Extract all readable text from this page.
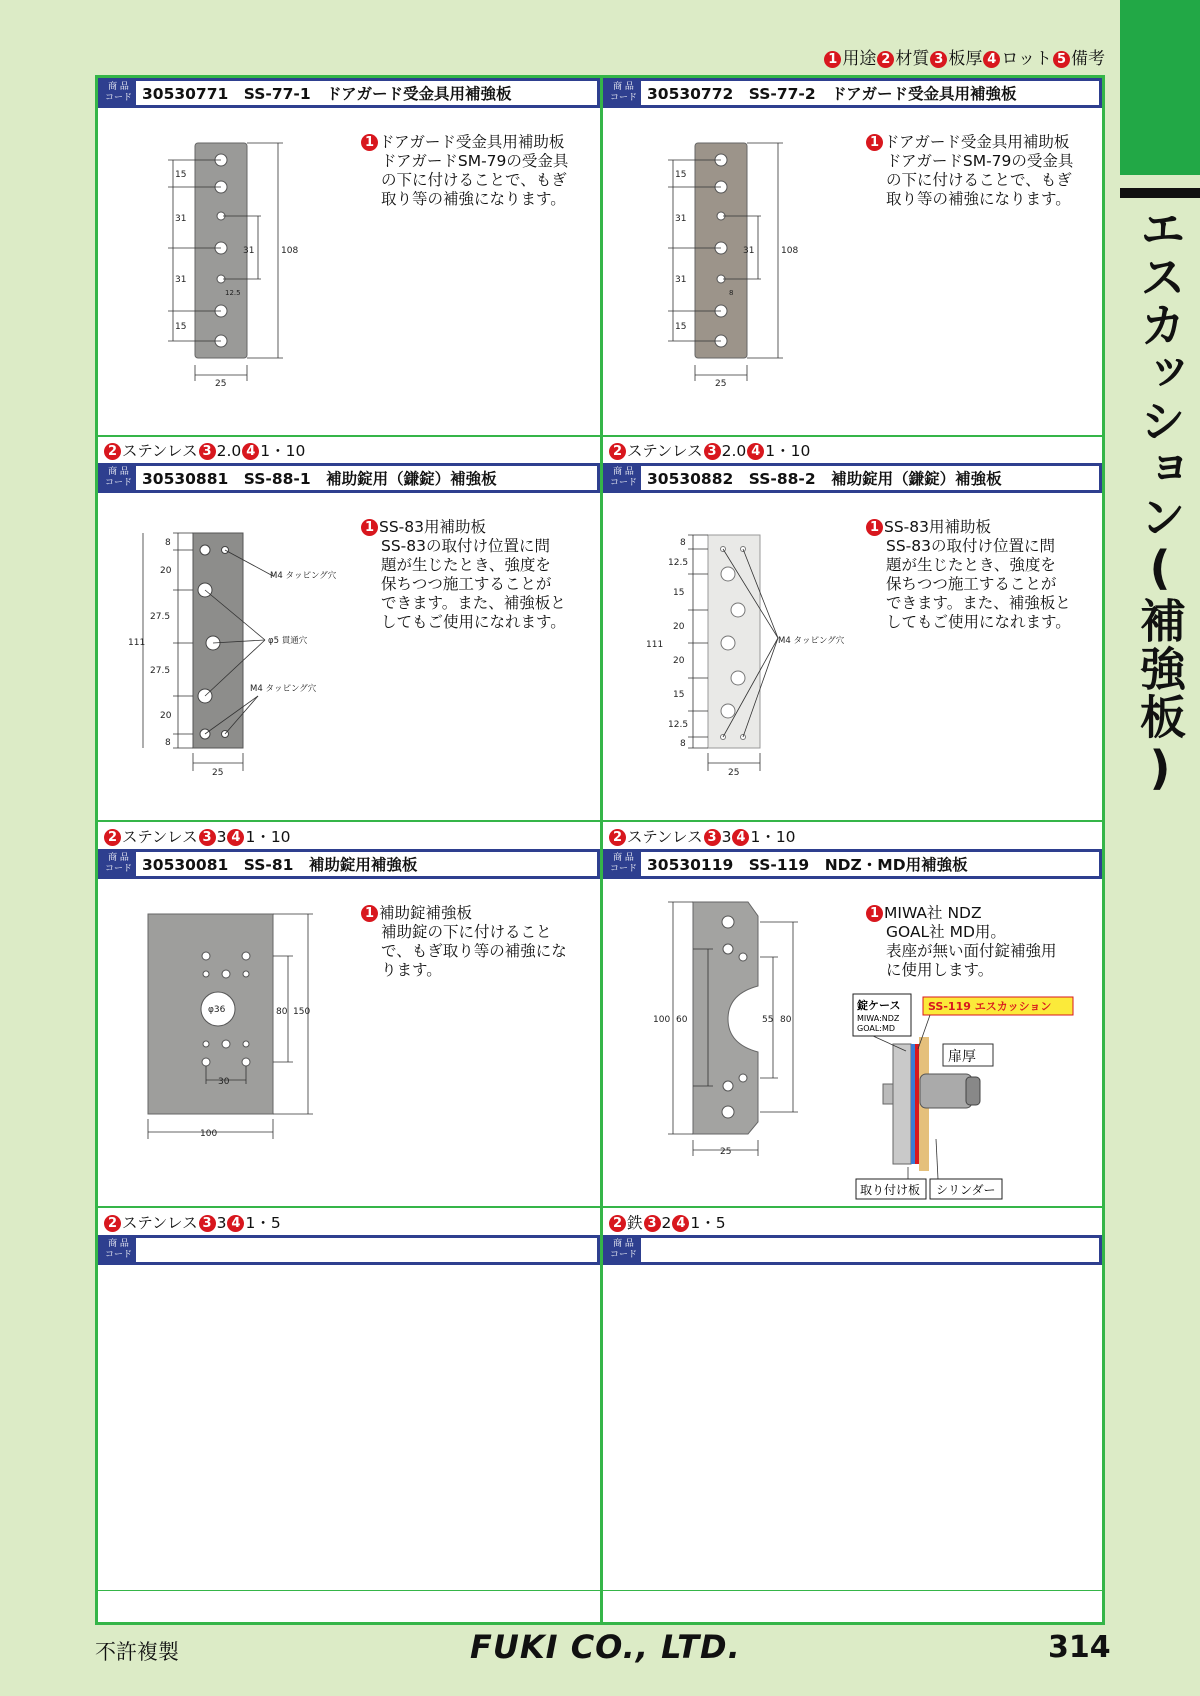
エスカッション(補強板)
1 用途 2 材質 3 板厚 4 ロット 5 備考
商 品
コード 30530771　SS-77-1　ドアガード受金具用補強板
15
31
31
15
108
31
12.5
25
1 ドアガード受金具用補助板
ドアガードSM-79の受金具
の下に付けることで、もぎ
取り等の補強になります。
2 ステンレス 3 2.0 4 1・10
商 品
コード 30530772　SS-77-2　ドアガード受金具用補強板
15
31
31
15
108
31
8
25
1 ドアガード受金具用補助板
ドアガードSM-79の受金具
の下に付けることで、もぎ
取り等の補強になります。
2 ステンレス 3 2.0 4 1・10
商 品
コード 30530881　SS-88-1　補助錠用（鎌錠）補強板
8
20
27.5
27.5
20
8
111
25
M4 タッピング穴
φ5 貫通穴
M4 タッピング穴
1 SS-83用補助板
SS-83の取付け位置に問
題が生じたとき、強度を
保ちつつ施工することが
できます。また、補強板と
してもご使用になれます。
2 ステンレス 3 3 4 1・10
商 品
コード 30530882　SS-88-2　補助錠用（鎌錠）補強板
8
12.5
15
20
20
15
12.5
8
111
25
M4 タッピング穴
1 SS-83用補助板
SS-83の取付け位置に問
題が生じたとき、強度を
保ちつつ施工することが
できます。また、補強板と
してもご使用になれます。
2 ステンレス 3 3 4 1・10
商 品
コード 30530081　SS-81　補助錠用補強板
φ36	80 150
30
100
1 補助錠補強板
補助錠の下に付けること
で、もぎ取り等の補強にな
ります。
2 ステンレス 3 3 4 1・5
商 品
コード 30530119　SS-119　NDZ・MD用補強板
100 60	55 80
25
1 MIWA社 NDZ
GOAL社 MD用。
表座が無い面付錠補強用
に使用します。
錠ケース
MIWA:NDZ
GOAL:MD
SS-119 エスカッション
扉厚
取り付け板 シリンダー
2 鉄 3 2 4 1・5
商 品
コード
商 品
コード
不許複製	FUKI CO., LTD.	314
